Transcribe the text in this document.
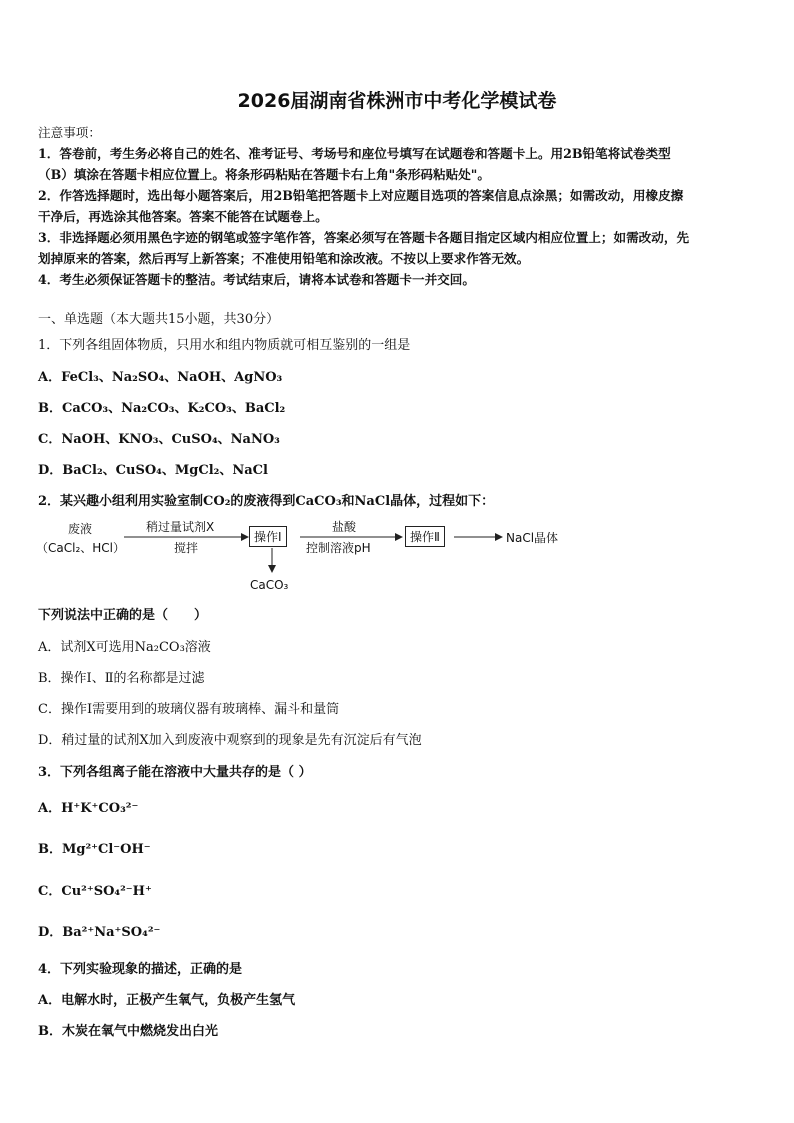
2026届湖南省株洲市中考化学模试卷
注意事项：
1．答卷前，考生务必将自己的姓名、准考证号、考场号和座位号填写在试题卷和答题卡上。用2B铅笔将试卷类型
（B）填涂在答题卡相应位置上。将条形码粘贴在答题卡右上角"条形码粘贴处"。
2．作答选择题时，选出每小题答案后，用2B铅笔把答题卡上对应题目选项的答案信息点涂黑；如需改动，用橡皮擦
干净后，再选涂其他答案。答案不能答在试题卷上。
3．非选择题必须用黑色字迹的钢笔或签字笔作答，答案必须写在答题卡各题目指定区域内相应位置上；如需改动，先
划掉原来的答案，然后再写上新答案；不准使用铅笔和涂改液。不按以上要求作答无效。
4．考生必须保证答题卡的整洁。考试结束后，请将本试卷和答题卡一并交回。
一、单选题（本大题共15小题，共30分）
1．下列各组固体物质，只用水和组内物质就可相互鉴别的一组是
A．FeCl₃、Na₂SO₄、NaOH、AgNO₃
B．CaCO₃、Na₂CO₃、K₂CO₃、BaCl₂
C．NaOH、KNO₃、CuSO₄、NaNO₃
D．BaCl₂、CuSO₄、MgCl₂、NaCl
2．某兴趣小组利用实验室制CO₂的废液得到CaCO₃和NaCl晶体，过程如下：
废液
（CaCl₂、HCl）
稍过量试剂X
搅拌
操作Ⅰ
盐酸
控制溶液pH
操作Ⅱ	NaCl晶体
CaCO₃
下列说法中正确的是（　　）
A．试剂X可选用Na₂CO₃溶液
B．操作Ⅰ、Ⅱ的名称都是过滤
C．操作Ⅰ需要用到的玻璃仪器有玻璃棒、漏斗和量筒
D．稍过量的试剂X加入到废液中观察到的现象是先有沉淀后有气泡
3．下列各组离子能在溶液中大量共存的是（ ）
A．H⁺K⁺CO₃²⁻
B．Mg²⁺Cl⁻OH⁻
C．Cu²⁺SO₄²⁻H⁺
D．Ba²⁺Na⁺SO₄²⁻
4．下列实验现象的描述，正确的是
A．电解水时，正极产生氧气，负极产生氢气
B．木炭在氧气中燃烧发出白光
